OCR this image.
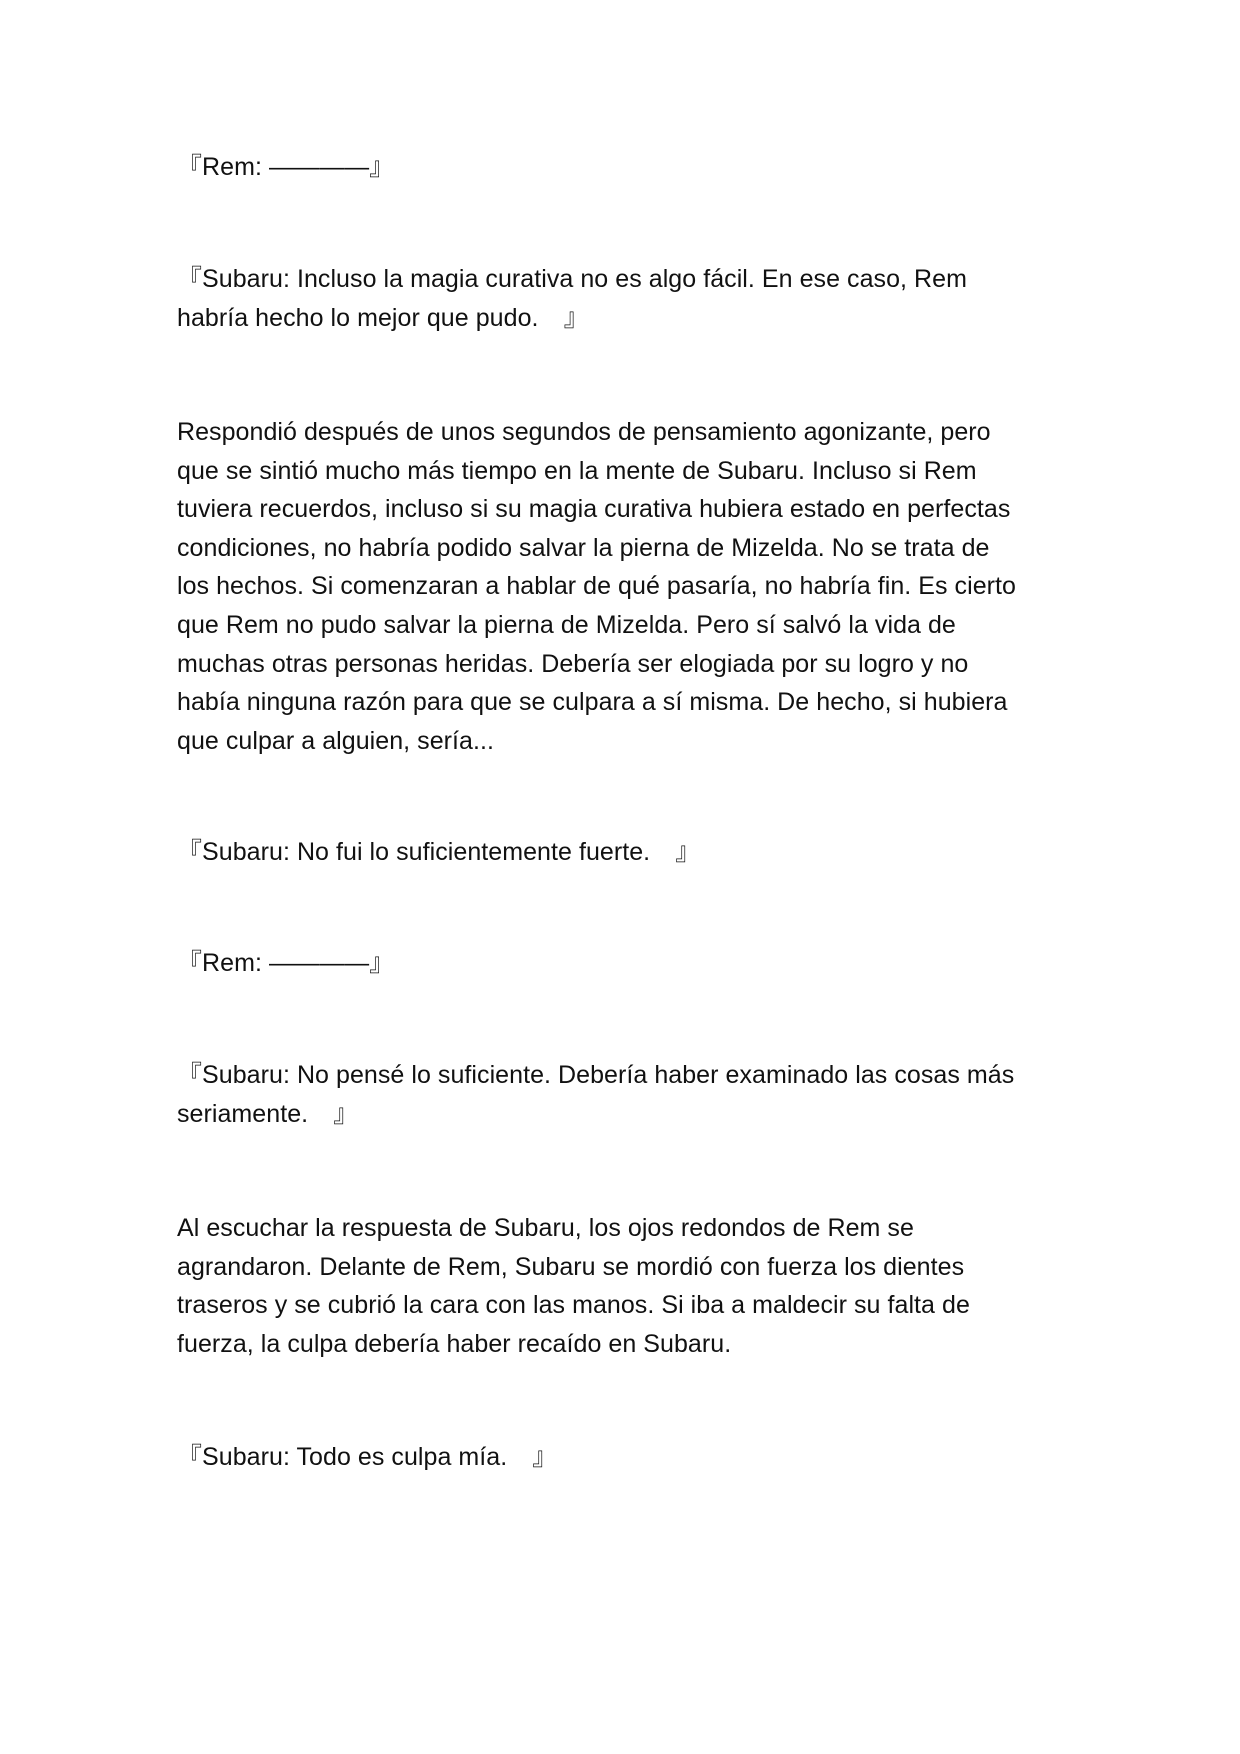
『Rem: ————』
『Subaru: Incluso la magia curativa no es algo fácil. En ese caso, Rem
habría hecho lo mejor que pudo.　』
Respondió después de unos segundos de pensamiento agonizante, pero
que se sintió mucho más tiempo en la mente de Subaru. Incluso si Rem
tuviera recuerdos, incluso si su magia curativa hubiera estado en perfectas
condiciones, no habría podido salvar la pierna de Mizelda. No se trata de
los hechos. Si comenzaran a hablar de qué pasaría, no habría fin. Es cierto
que Rem no pudo salvar la pierna de Mizelda. Pero sí salvó la vida de
muchas otras personas heridas. Debería ser elogiada por su logro y no
había ninguna razón para que se culpara a sí misma. De hecho, si hubiera
que culpar a alguien, sería...
『Subaru: No fui lo suficientemente fuerte.　』
『Rem: ————』
『Subaru: No pensé lo suficiente. Debería haber examinado las cosas más
seriamente.　』
Al escuchar la respuesta de Subaru, los ojos redondos de Rem se
agrandaron. Delante de Rem, Subaru se mordió con fuerza los dientes
traseros y se cubrió la cara con las manos. Si iba a maldecir su falta de
fuerza, la culpa debería haber recaído en Subaru.
『Subaru: Todo es culpa mía.　』
